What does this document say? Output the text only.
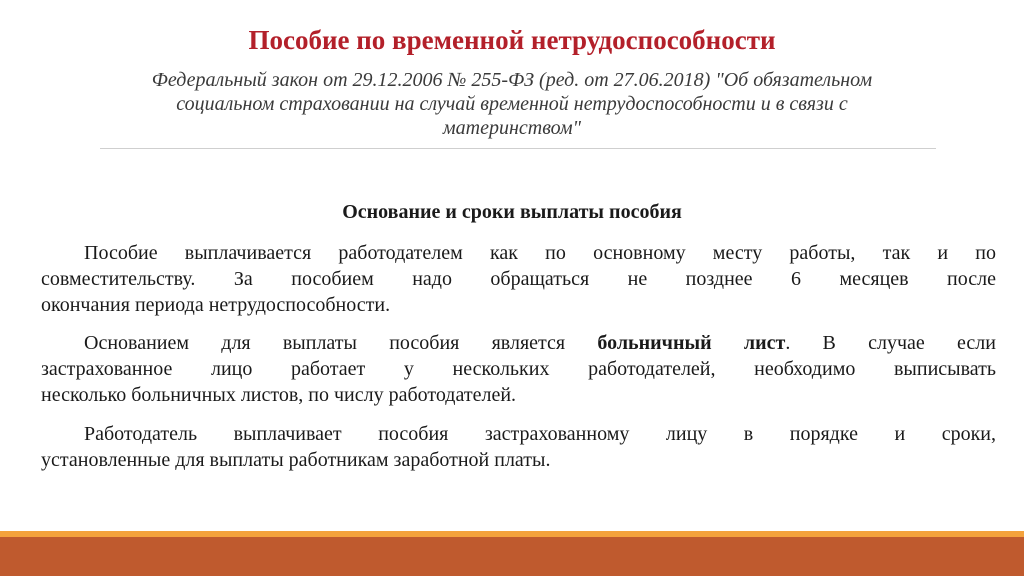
Пособие по временной нетрудоспособности
Федеральный закон от 29.12.2006 № 255-ФЗ (ред. от 27.06.2018) "Об обязательном
социальном страховании на случай временной нетрудоспособности и в связи с
материнством"
Основание и сроки выплаты пособия
Пособие выплачивается работодателем как по основному месту работы, так и по
совместительству. За пособием надо обращаться не позднее 6 месяцев после
окончания периода нетрудоспособности.
Основанием для выплаты пособия является больничный лист. В случае если
застрахованное лицо работает у нескольких работодателей, необходимо выписывать
несколько больничных листов, по числу работодателей.
Работодатель выплачивает пособия застрахованному лицу в порядке и сроки,
установленные для выплаты работникам заработной платы.
